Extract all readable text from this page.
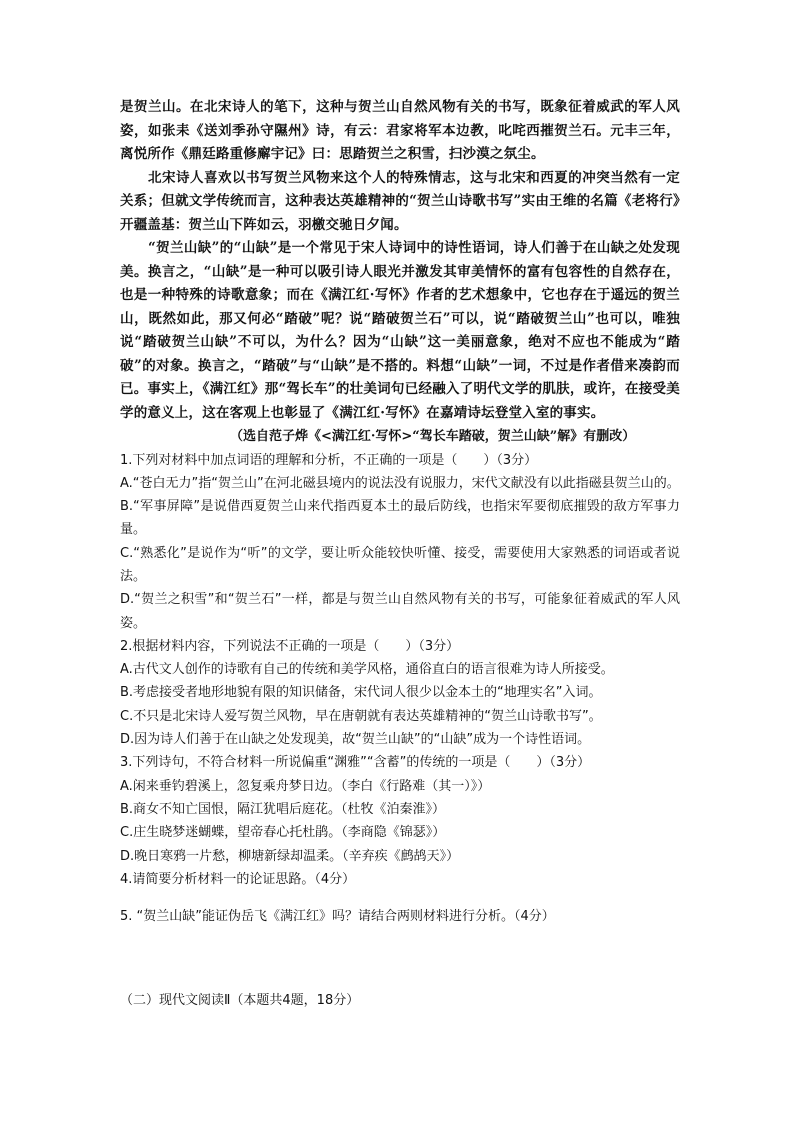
是贺兰山。在北宋诗人的笔下，这种与贺兰山自然风物有关的书写，既象征着威武的军人风姿，如张耒《送刘季孙守隰州》诗，有云：君家将军本边教，叱咤西摧贺兰石。元丰三年，离悦所作《鼎廷路重修廨宇记》曰：思踏贺兰之积雪，扫沙漠之氛尘。

北宋诗人喜欢以书写贺兰风物来这个人的特殊情志，这与北宋和西夏的冲突当然有一定关系；但就文学传统而言，这种表达英雄精神的“贺兰山诗歌书写”实由王维的名篇《老将行》开疆盖基：贺兰山下阵如云，羽檄交驰日夕闻。

“贺兰山缺”的“山缺”是一个常见于宋人诗词中的诗性语词，诗人们善于在山缺之处发现美。换言之，“山缺”是一种可以吸引诗人眼光并激发其审美情怀的富有包容性的自然存在，也是一种特殊的诗歌意象；而在《满江红·写怀》作者的艺术想象中，它也存在于遥远的贺兰山，既然如此，那又何必“踏破”呢？说“踏破贺兰石”可以，说“踏破贺兰山”也可以，唯独说“踏破贺兰山缺”不可以，为什么？因为“山缺”这一美丽意象，绝对不应也不能成为“踏破”的对象。换言之，“踏破”与“山缺”是不搭的。料想“山缺”一词，不过是作者借来凑韵而已。事实上，《满江红》那“驾长车”的壮美词句已经融入了明代文学的肌肤，或许，在接受美学的意义上，这在客观上也彰显了《满江红·写怀》在嘉靖诗坛登堂入室的事实。

（选自范子烨《<满江红·写怀>“驾长车踏破，贺兰山缺”解》有删改）

1.下列对材料中加点词语的理解和分析，不正确的一项是（　　）（3分）

A.“苍白无力”指“贺兰山”在河北磁县境内的说法没有说服力，宋代文献没有以此指磁县贺兰山的。

B.“军事屏障”是说借西夏贺兰山来代指西夏本土的最后防线，也指宋军要彻底摧毁的敌方军事力量。

C.“熟悉化”是说作为“听”的文学，要让听众能较快听懂、接受，需要使用大家熟悉的词语或者说法。

D.“贺兰之积雪”和“贺兰石”一样，都是与贺兰山自然风物有关的书写，可能象征着威武的军人风姿。

2.根据材料内容，下列说法不正确的一项是（　　）（3分）

A.古代文人创作的诗歌有自己的传统和美学风格，通俗直白的语言很难为诗人所接受。

B.考虑接受者地形地貌有限的知识储备，宋代词人很少以金本土的“地理实名”入词。

C.不只是北宋诗人爱写贺兰风物，早在唐朝就有表达英雄精神的“贺兰山诗歌书写”。

D.因为诗人们善于在山缺之处发现美，故“贺兰山缺”的“山缺”成为一个诗性语词。

3.下列诗句，不符合材料一所说偏重“渊雅”“含蓄”的传统的一项是（　　）（3分）

A.闲来垂钓碧溪上，忽复乘舟梦日边。（李白《行路难（其一）》）

B.商女不知亡国恨，隔江犹唱后庭花。（杜牧《泊秦淮》）

C.庄生晓梦迷蝴蝶，望帝春心托杜鹃。（李商隐《锦瑟》）

D.晚日寒鸦一片愁，柳塘新绿却温柔。（辛弃疾《鹧鸪天》）

4.请简要分析材料一的论证思路。（4分）

5. “贺兰山缺”能证伪岳飞《满江红》吗？请结合两则材料进行分析。（4分）
（二）现代文阅读Ⅱ（本题共4题，18分）
